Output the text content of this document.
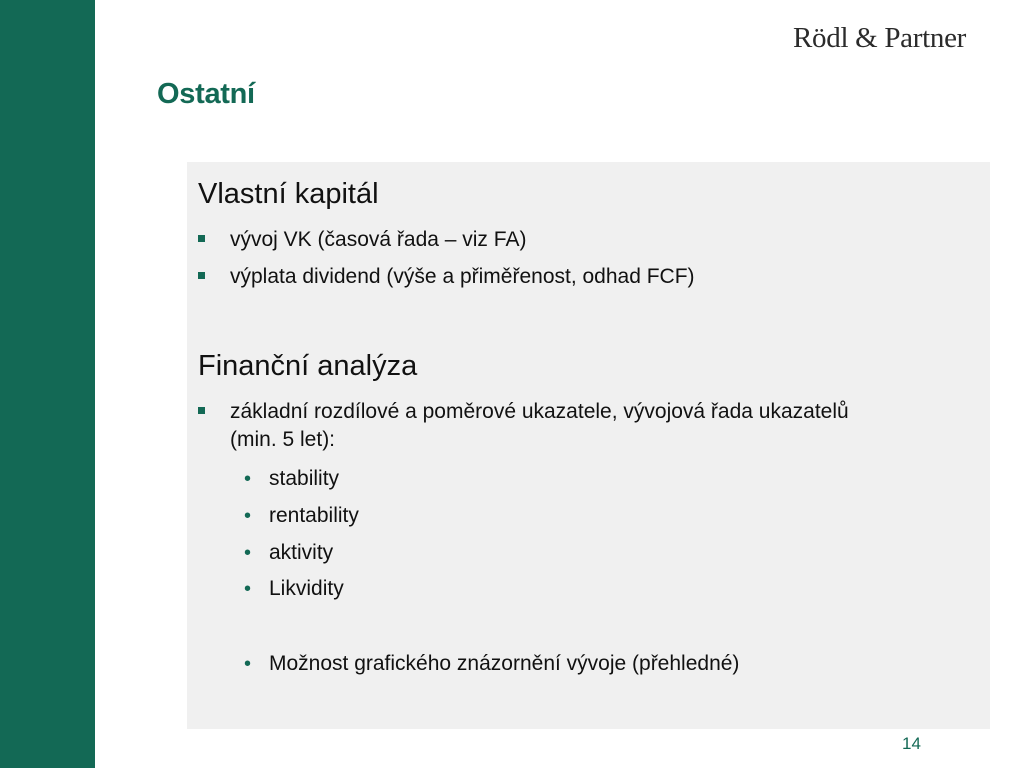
Rödl & Partner
Ostatní
Vlastní kapitál
vývoj VK (časová řada – viz FA)
výplata dividend (výše a přiměřenost, odhad FCF)
Finanční analýza
základní rozdílové a poměrové ukazatele, vývojová řada ukazatelů (min. 5 let):
• stability
• rentability
• aktivity
• Likvidity
• Možnost grafického znázornění vývoje (přehledné)
14
